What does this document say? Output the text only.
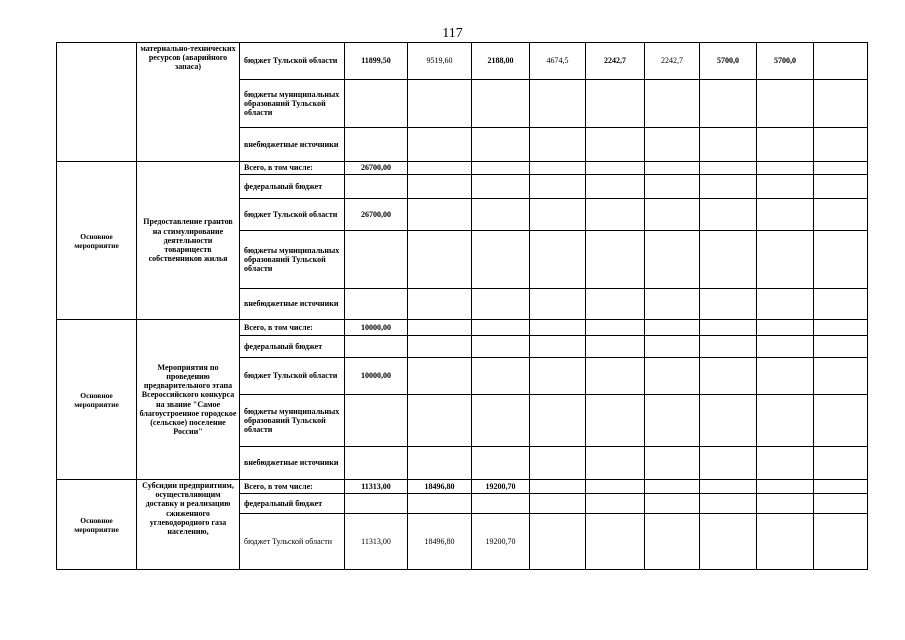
117
	материально-технических ресурсов (аварийного запаса)	бюджет Тульской области	11899,50	9519,60	2188,00	4674,5	2242,7	2242,7	5700,0	5700,0	
		бюджеты муниципальных образований Тульской области									
		внебюджетные источники									
Основное мероприятие	Предоставление грантов на стимулирование деятельности товариществ собственников жилья	Всего, в том числе:	26700,00								
		федеральный бюджет									
		бюджет Тульской области	26700,00								
		бюджеты муниципальных образований Тульской области									
		внебюджетные источники									
Основное мероприятие	Мероприятия по проведению предварительного этапа Всероссийского конкурса на звание "Самое благоустроенное городское (сельское) поселение России"	Всего, в том числе:	10000,00								
		федеральный бюджет									
		бюджет Тульской области	10000,00								
		бюджеты муниципальных образований Тульской области									
		внебюджетные источники									
Основное мероприятие	Субсидии предприятиям, осуществляющим доставку и реализацию сжиженного углеводородного газа населению,	Всего, в том числе:	11313,00	18496,80	19200,70						
		федеральный бюджет									
		бюджет Тульской области	11313,00	18496,80	19200,70						
